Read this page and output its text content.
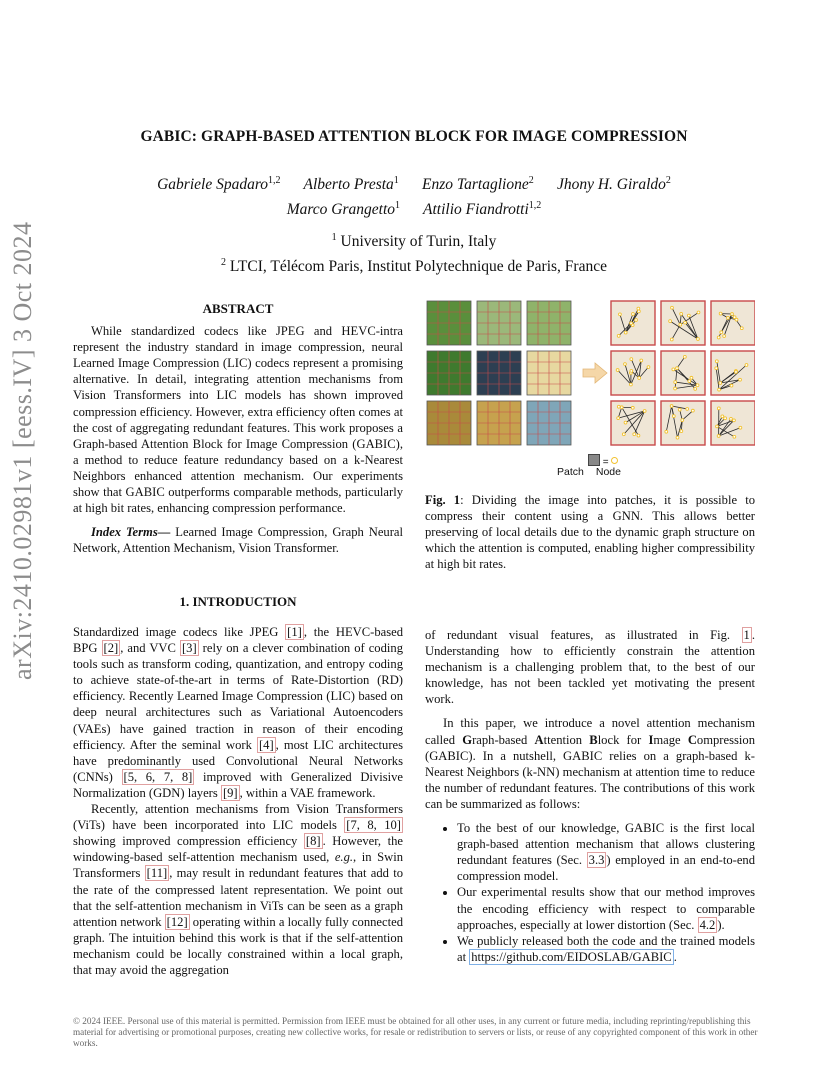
GABIC: GRAPH-BASED ATTENTION BLOCK FOR IMAGE COMPRESSION
Gabriele Spadaro$^{1,2}$ Alberto Presta$^1$ Enzo Tartaglione$^2$ Jhony H. Giraldo$^2$
Marco Grangetto$^1$ Attilio Fiandrotti$^{1,2}$
$^1$ University of Turin, Italy
$^2$ LTCI, Télécom Paris, Institut Polytechnique de Paris, France
arXiv:2410.02981v1 [eess.IV] 3 Oct 2024	ABSTRACT

While standardized codecs like JPEG and HEVC-intra represent the industry standard in image compression, neural Learned Image Compression (LIC) codecs represent a promising alternative. In detail, integrating attention mechanisms from Vision Transformers into LIC models has shown improved compression efficiency. However, extra efficiency often comes at the cost of aggregating redundant features. This work proposes a Graph-based Attention Block for Image Compression (GABIC), a method to reduce feature redundancy based on a k-Nearest Neighbors enhanced attention mechanism. Our experiments show that GABIC outperforms comparable methods, particularly at high bit rates, enhancing compression performance.

Index Terms— Learned Image Compression, Graph Neural Network, Attention Mechanism, Vision Transformer.

=
Patch Node
Fig. 1: Dividing the image into patches, it is possible to compress their content using a GNN. This allows better preserving of local details due to the dynamic graph structure on which the attention is computed, enabling higher compressibility at high bit rates.
1. INTRODUCTION

Standardized image codecs like JPEG [1] , the HEVC-based BPG [2] , and VVC [3] rely on a clever combination of coding tools such as transform coding, quantization, and entropy coding to achieve state-of-the-art in terms of Rate-Distortion (RD) efficiency. Recently Learned Image Compression (LIC) based on deep neural architectures such as Variational Autoencoders (VAEs) have gained traction in reason of their encoding efficiency. After the seminal work [4] , most LIC architectures have predominantly used Convolutional Neural Networks (CNNs) [5, 6, 7, 8] improved with Generalized Divisive Normalization (GDN) layers [9] , within a VAE framework.

Recently, attention mechanisms from Vision Transformers (ViTs) have been incorporated into LIC models [7, 8, 10] showing improved compression efficiency [8] . However, the windowing-based self-attention mechanism used, e.g., in Swin Transformers [11] , may result in redundant features that add to the rate of the compressed latent representation. We point out that the self-attention mechanism in ViTs can be seen as a graph attention network [12] operating within a locally fully connected graph. The intuition behind this work is that if the self-attention mechanism could be locally constrained within a local graph, that may avoid the aggregation

of redundant visual features, as illustrated in Fig. 1 . Understanding how to efficiently constrain the attention mechanism is a challenging problem that, to the best of our knowledge, has not been tackled yet motivating the present work.

In this paper, we introduce a novel attention mechanism called Graph-based Attention Block for Image Compression (GABIC). In a nutshell, GABIC relies on a graph-based k-Nearest Neighbors (k-NN) mechanism at attention time to reduce the number of redundant features. The contributions of this work can be summarized as follows:

• To the best of our knowledge, GABIC is the first local graph-based attention mechanism that allows clustering redundant features (Sec. 3.3 ) employed in an end-to-end compression model.
• Our experimental results show that our method improves the encoding efficiency with respect to comparable approaches, especially at lower distortion (Sec. 4.2 ).
• We publicly released both the code and the trained models at https://github.com/EIDOSLAB/GABIC .
© 2024 IEEE. Personal use of this material is permitted. Permission from IEEE must be obtained for all other uses, in any current or future media, including reprinting/republishing this material for advertising or promotional purposes, creating new collective works, for resale or redistribution to servers or lists, or reuse of any copyrighted component of this work in other works.
